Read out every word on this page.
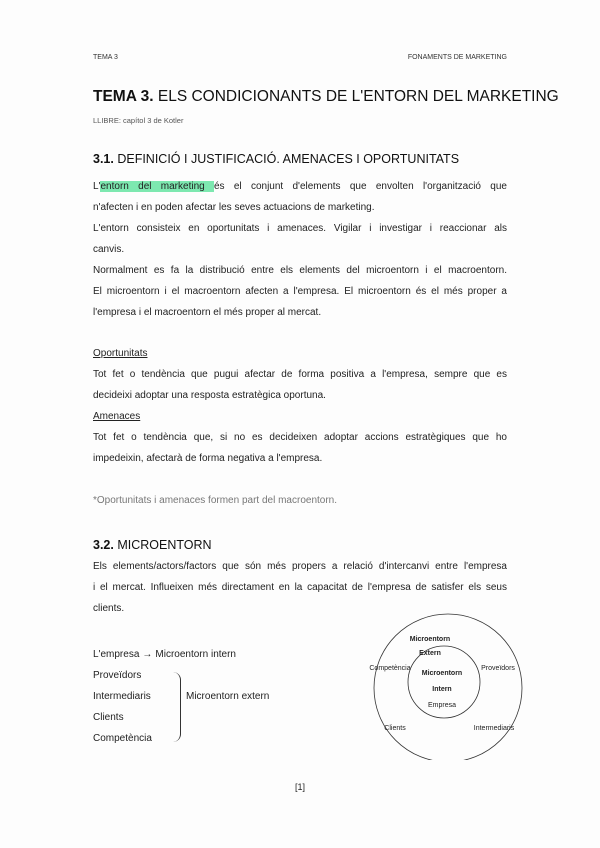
TEMA 3	FONAMENTS DE MARKETING
TEMA 3. ELS CONDICIONANTS DE L'ENTORN DEL MARKETING
LLIBRE: capítol 3 de Kotler
3.1. DEFINICIÓ I JUSTIFICACIÓ. AMENACES I OPORTUNITATS
L'entorn del marketing és el conjunt d'elements que envolten l'organització que
n'afecten i en poden afectar les seves actuacions de marketing.
L'entorn consisteix en oportunitats i amenaces. Vigilar i investigar i reaccionar als
canvis.
Normalment es fa la distribució entre els elements del microentorn i el macroentorn.
El microentorn i el macroentorn afecten a l'empresa. El microentorn és el més proper a
l'empresa i el macroentorn el més proper al mercat.
Oportunitats
Tot fet o tendència que pugui afectar de forma positiva a l'empresa, sempre que es
decideixi adoptar una resposta estratègica oportuna.
Amenaces
Tot fet o tendència que, si no es decideixen adoptar accions estratègiques que ho
impedeixin, afectarà de forma negativa a l'empresa.
*Oportunitats i amenaces formen part del macroentorn.
3.2. MICROENTORN
Els elements/actors/factors que són més propers a relació d'intercanvi entre l'empresa
i el mercat. Influeixen més directament en la capacitat de l'empresa de satisfer els seus
clients.
L'empresa → Microentorn intern
Proveïdors
Intermediaris
Clients
Competència
Microentorn extern
Microentorn
Extern
Competència	Proveïdors
Microentorn
Intern
Empresa
Clients	Intermediaris
[1]
